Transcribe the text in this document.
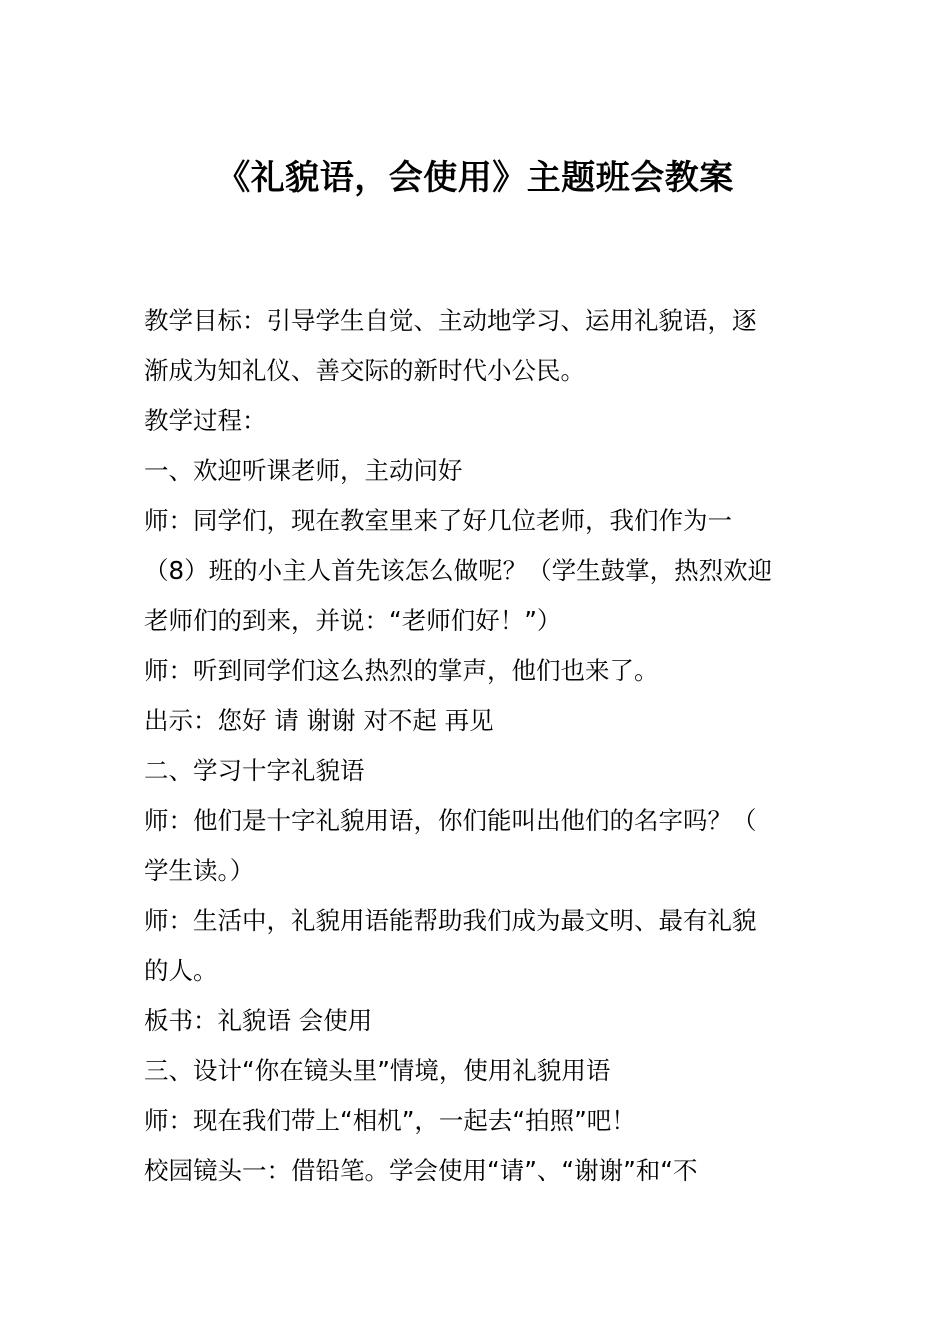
《礼貌语，会使用》主题班会教案
教学目标：引导学生自觉、主动地学习、运用礼貌语，逐
渐成为知礼仪、善交际的新时代小公民。
教学过程：
一、欢迎听课老师，主动问好
师：同学们，现在教室里来了好几位老师，我们作为一
（8）班的小主人首先该怎么做呢？（学生鼓掌，热烈欢迎
老师们的到来，并说：“老师们好！”）
师：听到同学们这么热烈的掌声，他们也来了。
出示：您好 请 谢谢 对不起 再见
二、学习十字礼貌语
师：他们是十字礼貌用语，你们能叫出他们的名字吗？（
学生读。）
师：生活中，礼貌用语能帮助我们成为最文明、最有礼貌
的人。
板书：礼貌语 会使用
三、设计“你在镜头里”情境，使用礼貌用语
师：现在我们带上“相机”，一起去“拍照”吧！
校园镜头一：借铅笔。学会使用“请”、“谢谢”和“不
